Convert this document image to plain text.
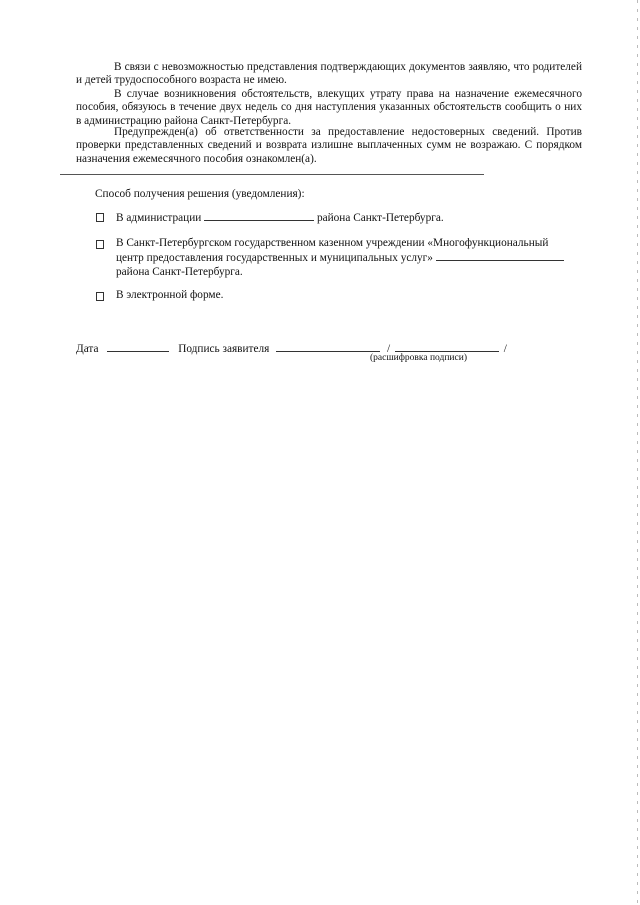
В связи с невозможностью представления подтверждающих документов заявляю, что родителей и детей трудоспособного возраста не имею.

В случае возникновения обстоятельств, влекущих утрату права на назначение ежемесячного пособия, обязуюсь в течение двух недель со дня наступления указанных обстоятельств сообщить о них в администрацию района Санкт-Петербурга.

Предупрежден(а) об ответственности за предоставление недостоверных сведений. Против проверки представленных сведений и возврата излишне выплаченных сумм не возражаю. С порядком назначения ежемесячного пособия ознакомлен(а).

Способ получения решения (уведомления):
В администрации	района Санкт-Петербурга.
В Санкт-Петербургском государственном казенном учреждении «Многофункциональный центр предоставления государственных и муниципальных услуг»  района Санкт-Петербурга.
В электронной форме.
Дата	Подпись заявителя	/	/
(расшифровка подписи)
